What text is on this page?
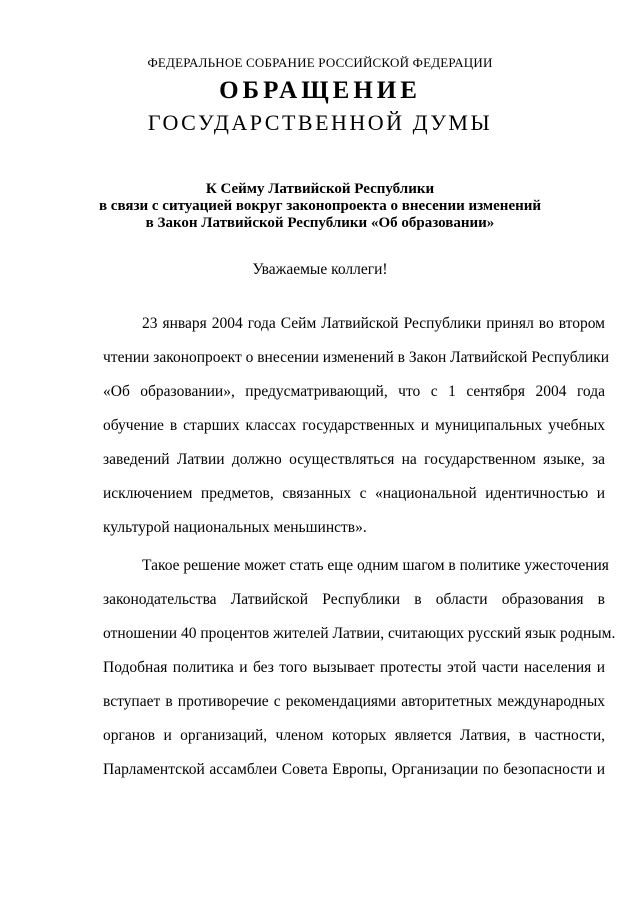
ФЕДЕРАЛЬНОЕ СОБРАНИЕ РОССИЙСКОЙ ФЕДЕРАЦИИ
ОБРАЩЕНИЕ
ГОСУДАРСТВЕННОЙ ДУМЫ
К Сейму Латвийской Республики
в связи с ситуацией вокруг законопроекта о внесении изменений
в Закон Латвийской Республики «Об образовании»
Уважаемые коллеги!
23 января 2004 года Сейм Латвийской Республики принял во втором
чтении законопроект о внесении изменений в Закон Латвийской Республики
«Об образовании», предусматривающий, что с 1 сентября 2004 года
обучение в старших классах государственных и муниципальных учебных
заведений Латвии должно осуществляться на государственном языке, за
исключением предметов, связанных с «национальной идентичностью и
культурой национальных меньшинств».
Такое решение может стать еще одним шагом в политике ужесточения
законодательства Латвийской Республики в области образования в
отношении 40 процентов жителей Латвии, считающих русский язык родным.
Подобная политика и без того вызывает протесты этой части населения и
вступает в противоречие с рекомендациями авторитетных международных
органов и организаций, членом которых является Латвия, в частности,
Парламентской ассамблеи Совета Европы, Организации по безопасности и
